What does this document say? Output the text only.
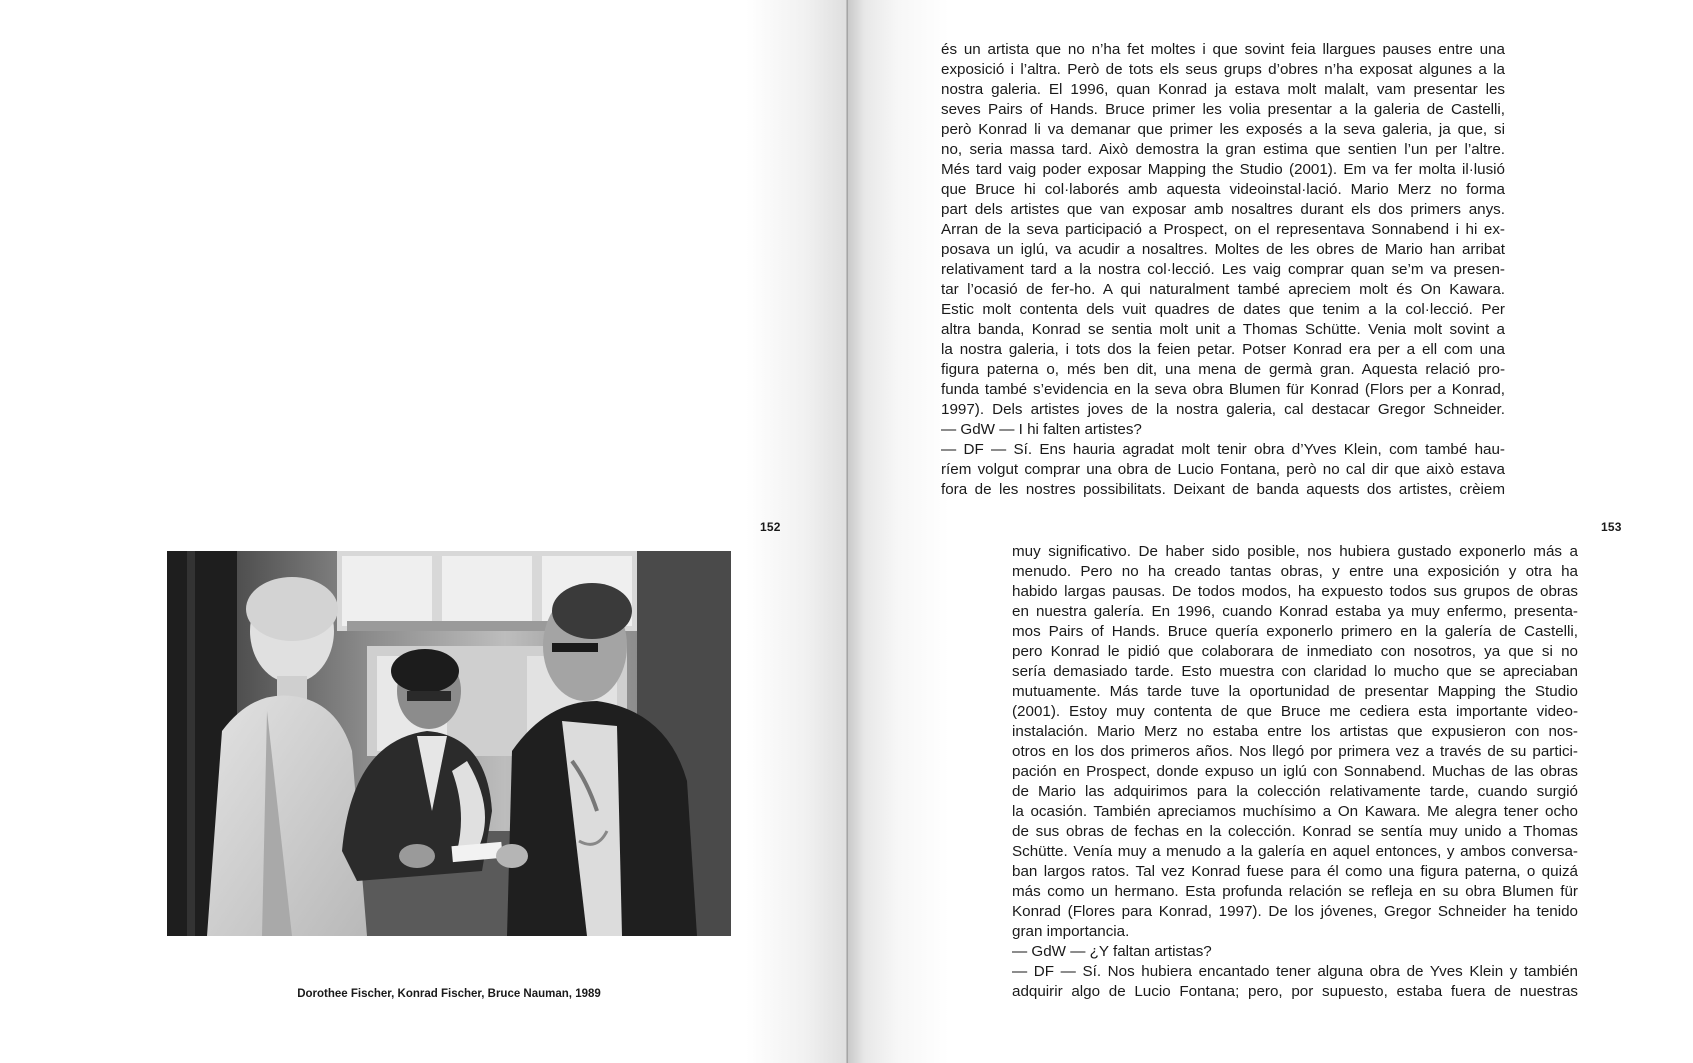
152
Dorothee Fischer, Konrad Fischer, Bruce Nauman, 1989
153
és un artista que no n’ha fet moltes i que sovint feia llargues pauses entre una
exposició i l’altra. Però de tots els seus grups d’obres n’ha exposat algunes a la
nostra galeria. El 1996, quan Konrad ja estava molt malalt, vam presentar les
seves Pairs of Hands. Bruce primer les volia presentar a la galeria de Castelli,
però Konrad li va demanar que primer les exposés a la seva galeria, ja que, si
no, seria massa tard. Això demostra la gran estima que sentien l’un per l’altre.
Més tard vaig poder exposar Mapping the Studio (2001). Em va fer molta il·lusió
que Bruce hi col·laborés amb aquesta videoinstal·lació. Mario Merz no forma
part dels artistes que van exposar amb nosaltres durant els dos primers anys.
Arran de la seva participació a Prospect, on el representava Sonnabend i hi ex-
posava un iglú, va acudir a nosaltres. Moltes de les obres de Mario han arribat
relativament tard a la nostra col·lecció. Les vaig comprar quan se’m va presen-
tar l’ocasió de fer-ho. A qui naturalment també apreciem molt és On Kawara.
Estic molt contenta dels vuit quadres de dates que tenim a la col·lecció. Per
altra banda, Konrad se sentia molt unit a Thomas Schütte. Venia molt sovint a
la nostra galeria, i tots dos la feien petar. Potser Konrad era per a ell com una
figura paterna o, més ben dit, una mena de germà gran. Aquesta relació pro-
funda també s’evidencia en la seva obra Blumen für Konrad (Flors per a Konrad,
1997). Dels artistes joves de la nostra galeria, cal destacar Gregor Schneider.
— GdW — I hi falten artistes?
— DF — Sí. Ens hauria agradat molt tenir obra d’Yves Klein, com també hau-
ríem volgut comprar una obra de Lucio Fontana, però no cal dir que això estava
fora de les nostres possibilitats. Deixant de banda aquests dos artistes, crèiem
muy significativo. De haber sido posible, nos hubiera gustado exponerlo más a
menudo. Pero no ha creado tantas obras, y entre una exposición y otra ha
habido largas pausas. De todos modos, ha expuesto todos sus grupos de obras
en nuestra galería. En 1996, cuando Konrad estaba ya muy enfermo, presenta-
mos Pairs of Hands. Bruce quería exponerlo primero en la galería de Castelli,
pero Konrad le pidió que colaborara de inmediato con nosotros, ya que si no
sería demasiado tarde. Esto muestra con claridad lo mucho que se apreciaban
mutuamente. Más tarde tuve la oportunidad de presentar Mapping the Studio
(2001). Estoy muy contenta de que Bruce me cediera esta importante video-
instalación. Mario Merz no estaba entre los artistas que expusieron con nos-
otros en los dos primeros años. Nos llegó por primera vez a través de su partici-
pación en Prospect, donde expuso un iglú con Sonnabend. Muchas de las obras
de Mario las adquirimos para la colección relativamente tarde, cuando surgió
la ocasión. También apreciamos muchísimo a On Kawara. Me alegra tener ocho
de sus obras de fechas en la colección. Konrad se sentía muy unido a Thomas
Schütte. Venía muy a menudo a la galería en aquel entonces, y ambos conversa-
ban largos ratos. Tal vez Konrad fuese para él como una figura paterna, o quizá
más como un hermano. Esta profunda relación se refleja en su obra Blumen für
Konrad (Flores para Konrad, 1997). De los jóvenes, Gregor Schneider ha tenido
gran importancia.
— GdW — ¿Y faltan artistas?
— DF — Sí. Nos hubiera encantado tener alguna obra de Yves Klein y también
adquirir algo de Lucio Fontana; pero, por supuesto, estaba fuera de nuestras
